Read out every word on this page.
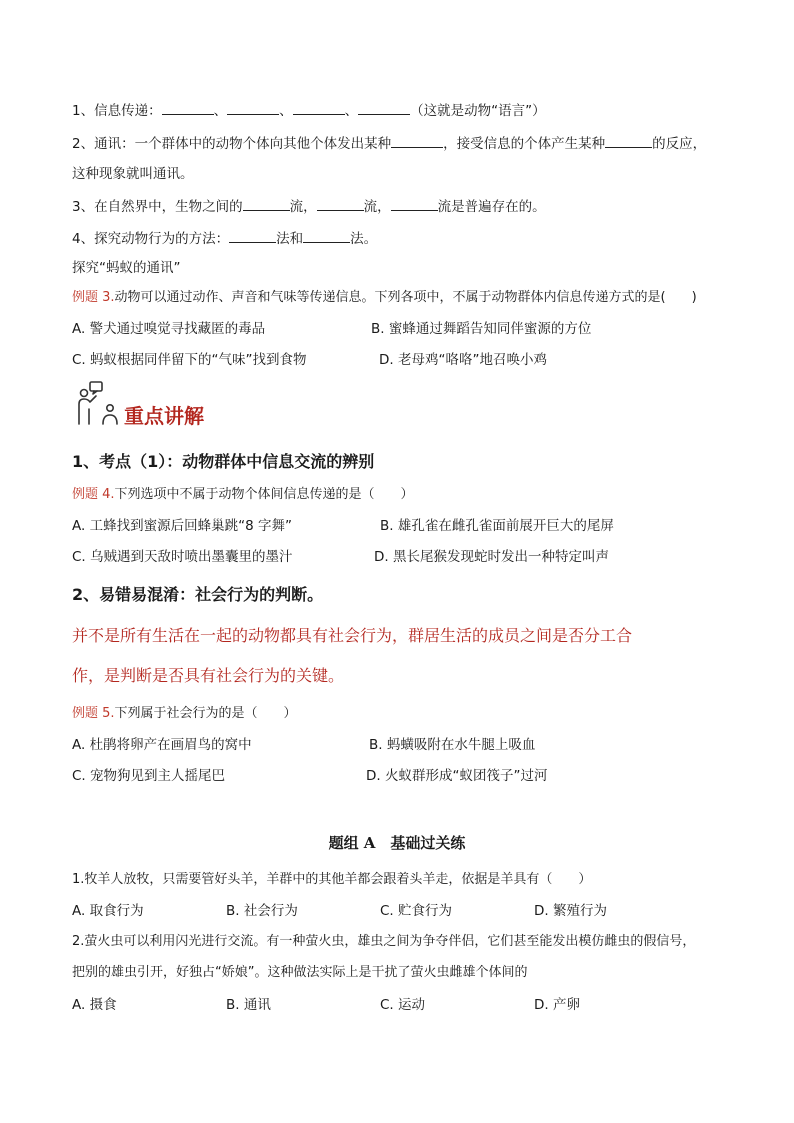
1、信息传递：	、	、	、	（这就是动物“语言”）
2、通讯：一个群体中的动物个体向其他个体发出某种	，接受信息的个体产生某种	的反应，
这种现象就叫通讯。
3、在自然界中，生物之间的	流，	流，	流是普遍存在的。
4、探究动物行为的方法：	法和	法。
探究“蚂蚁的通讯”
例题 3.动物可以通过动作、声音和气味等传递信息。下列各项中，不属于动物群体内信息传递方式的是(　　)
A. 警犬通过嗅觉寻找藏匿的毒品	B. 蜜蜂通过舞蹈告知同伴蜜源的方位
C. 蚂蚁根据同伴留下的“气味”找到食物	D. 老母鸡“咯咯”地召唤小鸡
重点讲解
1、考点（1）：动物群体中信息交流的辨别
例题 4.下列选项中不属于动物个体间信息传递的是（　　）
A. 工蜂找到蜜源后回蜂巢跳“8 字舞”	B. 雄孔雀在雌孔雀面前展开巨大的尾屏
C. 乌贼遇到天敌时喷出墨囊里的墨汁	D. 黑长尾猴发现蛇时发出一种特定叫声
2、易错易混淆：社会行为的判断。
并不是所有生活在一起的动物都具有社会行为，群居生活的成员之间是否分工合
作，是判断是否具有社会行为的关键。
例题 5.下列属于社会行为的是（　　）
A. 杜鹃将卵产在画眉鸟的窝中	B. 蚂蟥吸附在水牛腿上吸血
C. 宠物狗见到主人摇尾巴	D. 火蚁群形成“蚁团筏子”过河
题组 A　基础过关练
1.牧羊人放牧，只需要管好头羊，羊群中的其他羊都会跟着头羊走，依据是羊具有（　　）
A. 取食行为	B. 社会行为	C. 贮食行为	D. 繁殖行为
2.萤火虫可以利用闪光进行交流。有一种萤火虫，雄虫之间为争夺伴侣，它们甚至能发出模仿雌虫的假信号，
把别的雄虫引开，好独占“娇娘”。这种做法实际上是干扰了萤火虫雌雄个体间的
A. 摄食	B. 通讯	C. 运动	D. 产卵
